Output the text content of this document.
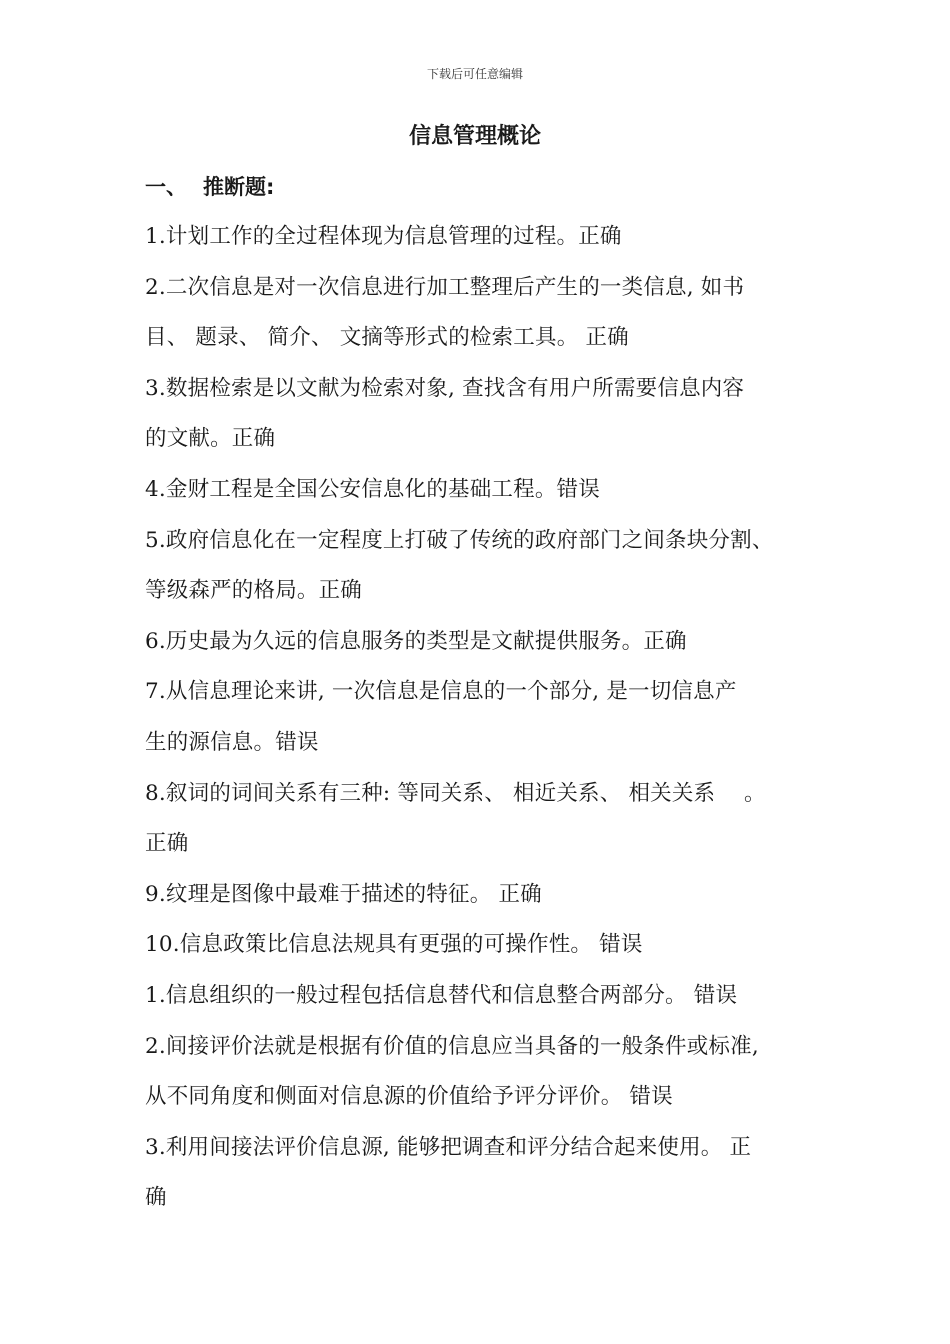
下载后可任意编辑
信息管理概论
一、 推断题:
1.计划工作的全过程体现为信息管理的过程。正确
2.二次信息是对一次信息进行加工整理后产生的一类信息, 如书
目、 题录、 简介、 文摘等形式的检索工具。 正确
3.数据检索是以文献为检索对象, 查找含有用户所需要信息内容
的文献。正确
4.金财工程是全国公安信息化的基础工程。错误
5.政府信息化在一定程度上打破了传统的政府部门之间条块分割、
等级森严的格局。正确
6.历史最为久远的信息服务的类型是文献提供服务。正确
7.从信息理论来讲, 一次信息是信息的一个部分, 是一切信息产
生的源信息。错误
8.叙词的词间关系有三种: 等同关系、 相近关系、 相关关系　 。
正确
9.纹理是图像中最难于描述的特征。 正确
10.信息政策比信息法规具有更强的可操作性。 错误
1.信息组织的一般过程包括信息替代和信息整合两部分。 错误
2.间接评价法就是根据有价值的信息应当具备的一般条件或标准,
从不同角度和侧面对信息源的价值给予评分评价。 错误
3.利用间接法评价信息源, 能够把调查和评分结合起来使用。 正
确
